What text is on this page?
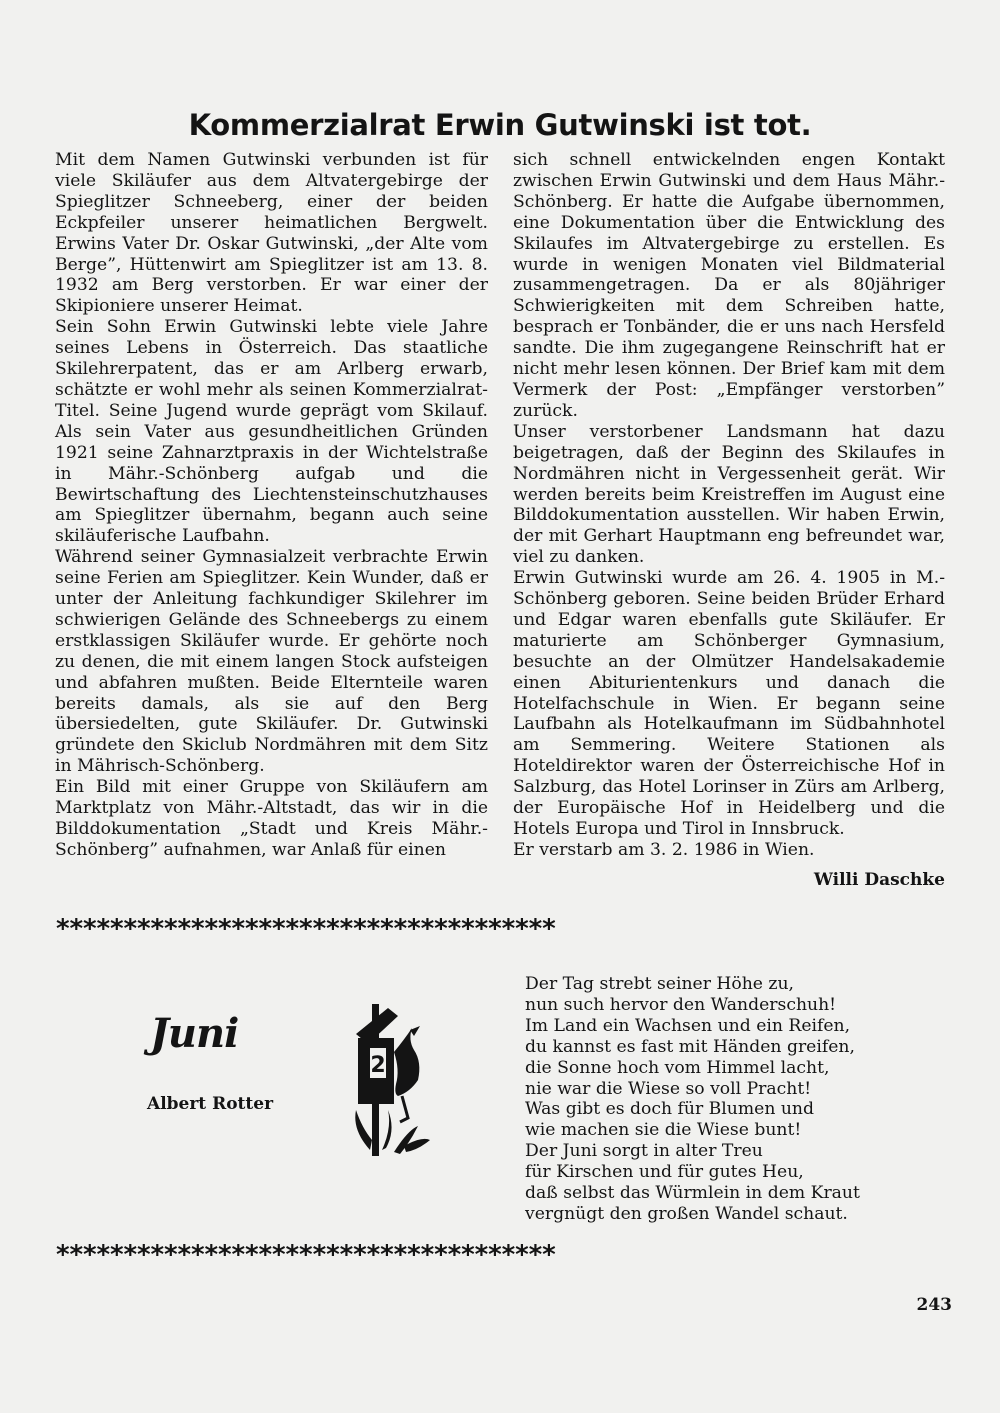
Kommerzialrat Erwin Gutwinski ist tot.

Mit dem Namen Gutwinski verbunden ist für viele Skiläufer aus dem Altvatergebirge der Spieglitzer Schneeberg, einer der beiden Eckpfeiler unserer heimatlichen Bergwelt. Erwins Vater Dr. Oskar Gutwinski, „der Alte vom Berge”, Hüttenwirt am Spieglitzer ist am 13. 8. 1932 am Berg verstorben. Er war einer der Skipioniere unserer Heimat.

Sein Sohn Erwin Gutwinski lebte viele Jahre seines Lebens in Österreich. Das staatliche Skilehrerpatent, das er am Arlberg erwarb, schätzte er wohl mehr als seinen Kommerzialrat-Titel. Seine Jugend wurde geprägt vom Skilauf. Als sein Vater aus gesundheitlichen Gründen 1921 seine Zahnarztpraxis in der Wichtelstraße in Mähr.-Schönberg aufgab und die Bewirtschaftung des Liechtensteinschutzhauses am Spieglitzer übernahm, begann auch seine skiläuferische Laufbahn.

Während seiner Gymnasialzeit verbrachte Erwin seine Ferien am Spieglitzer. Kein Wunder, daß er unter der Anleitung fachkundiger Skilehrer im schwierigen Gelände des Schneebergs zu einem erstklassigen Skiläufer wurde. Er gehörte noch zu denen, die mit einem langen Stock aufsteigen und abfahren mußten. Beide Elternteile waren bereits damals, als sie auf den Berg übersiedelten, gute Skiläufer. Dr. Gutwinski gründete den Skiclub Nordmähren mit dem Sitz in Mährisch-Schönberg.

Ein Bild mit einer Gruppe von Skiläufern am Marktplatz von Mähr.-Altstadt, das wir in die Bilddokumentation „Stadt und Kreis Mähr.-Schönberg” aufnahmen, war Anlaß für einen

sich schnell entwickelnden engen Kontakt zwischen Erwin Gutwinski und dem Haus Mähr.-Schönberg. Er hatte die Aufgabe übernommen, eine Dokumentation über die Entwicklung des Skilaufes im Altvatergebirge zu erstellen. Es wurde in wenigen Monaten viel Bildmaterial zusammengetragen. Da er als 80jähriger Schwierigkeiten mit dem Schreiben hatte, besprach er Tonbänder, die er uns nach Hersfeld sandte. Die ihm zugegangene Reinschrift hat er nicht mehr lesen können. Der Brief kam mit dem Vermerk der Post: „Empfänger verstorben” zurück.

Unser verstorbener Landsmann hat dazu beigetragen, daß der Beginn des Skilaufes in Nordmähren nicht in Vergessenheit gerät. Wir werden bereits beim Kreistreffen im August eine Bilddokumentation ausstellen. Wir haben Erwin, der mit Gerhart Hauptmann eng befreundet war, viel zu danken.

Erwin Gutwinski wurde am 26. 4. 1905 in M.-Schönberg geboren. Seine beiden Brüder Erhard und Edgar waren ebenfalls gute Skiläufer. Er maturierte am Schönberger Gymnasium, besuchte an der Olmützer Handelsakademie einen Abiturientenkurs und danach die Hotelfachschule in Wien. Er begann seine Laufbahn als Hotelkaufmann im Südbahnhotel am Semmering. Weitere Stationen als Hoteldirektor waren der Österreichische Hof in Salzburg, das Hotel Lorinser in Zürs am Arlberg, der Europäische Hof in Heidelberg und die Hotels Europa und Tirol in Innsbruck.

Er verstarb am 3. 2. 1986 in Wien.

Willi Daschke
*************************************
Juni
Albert Rotter
2

Der Tag strebt seiner Höhe zu,

nun such hervor den Wanderschuh!

Im Land ein Wachsen und ein Reifen,

du kannst es fast mit Händen greifen,

die Sonne hoch vom Himmel lacht,

nie war die Wiese so voll Pracht!

Was gibt es doch für Blumen und

wie machen sie die Wiese bunt!

Der Juni sorgt in alter Treu

für Kirschen und für gutes Heu,

daß selbst das Würmlein in dem Kraut

vergnügt den großen Wandel schaut.

*************************************
243
